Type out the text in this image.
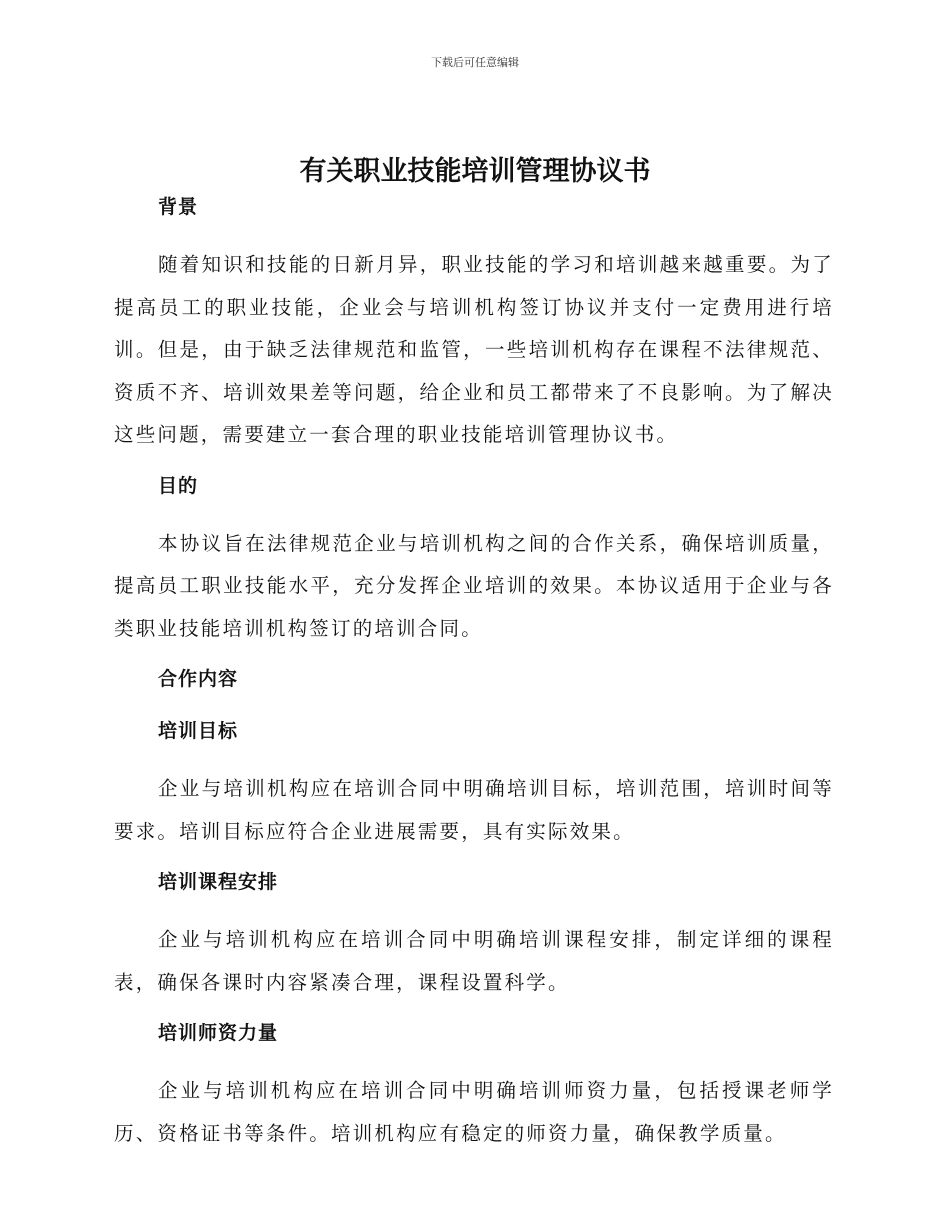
下载后可任意编辑
有关职业技能培训管理协议书

背景

随着知识和技能的日新月异，职业技能的学习和培训越来越重要。为了提高员工的职业技能，企业会与培训机构签订协议并支付一定费用进行培训。但是，由于缺乏法律规范和监管，一些培训机构存在课程不法律规范、资质不齐、培训效果差等问题，给企业和员工都带来了不良影响。为了解决这些问题，需要建立一套合理的职业技能培训管理协议书。

目的

本协议旨在法律规范企业与培训机构之间的合作关系，确保培训质量，提高员工职业技能水平，充分发挥企业培训的效果。本协议适用于企业与各类职业技能培训机构签订的培训合同。

合作内容

培训目标

企业与培训机构应在培训合同中明确培训目标，培训范围，培训时间等要求。培训目标应符合企业进展需要，具有实际效果。

培训课程安排

企业与培训机构应在培训合同中明确培训课程安排，制定详细的课程表，确保各课时内容紧凑合理，课程设置科学。

培训师资力量

企业与培训机构应在培训合同中明确培训师资力量，包括授课老师学历、资格证书等条件。培训机构应有稳定的师资力量，确保教学质量。
